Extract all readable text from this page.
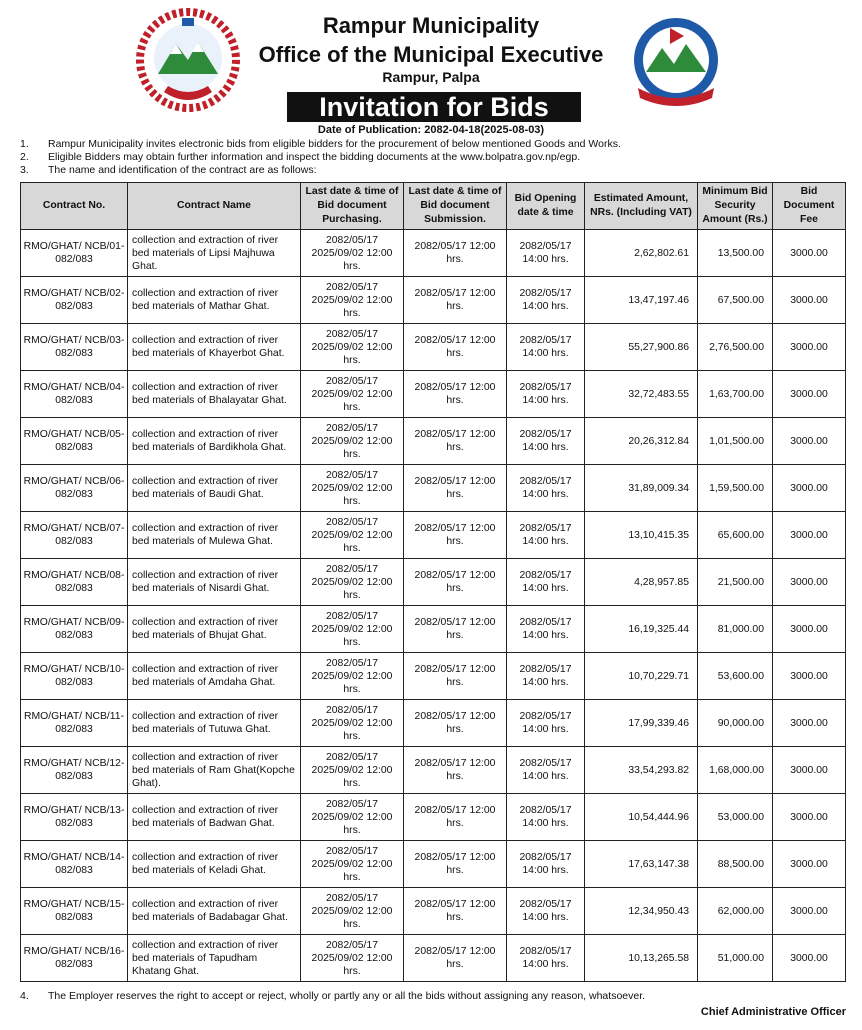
Rampur Municipality
Office of the Municipal Executive
Rampur, Palpa
Invitation for Bids
Date of Publication: 2082-04-18(2025-08-03)
1.	Rampur Municipality invites electronic bids from eligible bidders for the procurement of below mentioned Goods and Works.
2.	Eligible Bidders may obtain further information and inspect the bidding documents at the www.bolpatra.gov.np/egp.
3.	The name and identification of the contract are as follows:
Contract No.	Contract Name	Last date & time of Bid document Purchasing.	Last date & time of Bid document Submission.	Bid Opening date & time	Estimated Amount, NRs. (Including VAT)	Minimum Bid Security Amount (Rs.)	Bid Document Fee
RMO/GHAT/ NCB/01-082/083	collection and extraction of river bed materials of Lipsi Majhuwa Ghat.	2082/05/17 2025/09/02 12:00 hrs.	2082/05/17 12:00 hrs.	2082/05/17 14:00 hrs.	2,62,802.61	13,500.00	3000.00
RMO/GHAT/ NCB/02-082/083	collection and extraction of river bed materials of Mathar Ghat.	2082/05/17 2025/09/02 12:00 hrs.	2082/05/17 12:00 hrs.	2082/05/17 14:00 hrs.	13,47,197.46	67,500.00	3000.00
RMO/GHAT/ NCB/03-082/083	collection and extraction of river bed materials of Khayerbot Ghat.	2082/05/17 2025/09/02 12:00 hrs.	2082/05/17 12:00 hrs.	2082/05/17 14:00 hrs.	55,27,900.86	2,76,500.00	3000.00
RMO/GHAT/ NCB/04-082/083	collection and extraction of river bed materials of Bhalayatar Ghat.	2082/05/17 2025/09/02 12:00 hrs.	2082/05/17 12:00 hrs.	2082/05/17 14:00 hrs.	32,72,483.55	1,63,700.00	3000.00
RMO/GHAT/ NCB/05-082/083	collection and extraction of river bed materials of Bardikhola Ghat.	2082/05/17 2025/09/02 12:00 hrs.	2082/05/17 12:00 hrs.	2082/05/17 14:00 hrs.	20,26,312.84	1,01,500.00	3000.00
RMO/GHAT/ NCB/06-082/083	collection and extraction of river bed materials of Baudi Ghat.	2082/05/17 2025/09/02 12:00 hrs.	2082/05/17 12:00 hrs.	2082/05/17 14:00 hrs.	31,89,009.34	1,59,500.00	3000.00
RMO/GHAT/ NCB/07-082/083	collection and extraction of river bed materials of Mulewa Ghat.	2082/05/17 2025/09/02 12:00 hrs.	2082/05/17 12:00 hrs.	2082/05/17 14:00 hrs.	13,10,415.35	65,600.00	3000.00
RMO/GHAT/ NCB/08-082/083	collection and extraction of river bed materials of Nisardi Ghat.	2082/05/17 2025/09/02 12:00 hrs.	2082/05/17 12:00 hrs.	2082/05/17 14:00 hrs.	4,28,957.85	21,500.00	3000.00
RMO/GHAT/ NCB/09-082/083	collection and extraction of river bed materials of Bhujat Ghat.	2082/05/17 2025/09/02 12:00 hrs.	2082/05/17 12:00 hrs.	2082/05/17 14:00 hrs.	16,19,325.44	81,000.00	3000.00
RMO/GHAT/ NCB/10-082/083	collection and extraction of river bed materials of Amdaha Ghat.	2082/05/17 2025/09/02 12:00 hrs.	2082/05/17 12:00 hrs.	2082/05/17 14:00 hrs.	10,70,229.71	53,600.00	3000.00
RMO/GHAT/ NCB/11-082/083	collection and extraction of river bed materials of Tutuwa Ghat.	2082/05/17 2025/09/02 12:00 hrs.	2082/05/17 12:00 hrs.	2082/05/17 14:00 hrs.	17,99,339.46	90,000.00	3000.00
RMO/GHAT/ NCB/12-082/083	collection and extraction of river bed materials of Ram Ghat(Kopche Ghat).	2082/05/17 2025/09/02 12:00 hrs.	2082/05/17 12:00 hrs.	2082/05/17 14:00 hrs.	33,54,293.82	1,68,000.00	3000.00
RMO/GHAT/ NCB/13-082/083	collection and extraction of river bed materials of Badwan Ghat.	2082/05/17 2025/09/02 12:00 hrs.	2082/05/17 12:00 hrs.	2082/05/17 14:00 hrs.	10,54,444.96	53,000.00	3000.00
RMO/GHAT/ NCB/14-082/083	collection and extraction of river bed materials of Keladi Ghat.	2082/05/17 2025/09/02 12:00 hrs.	2082/05/17 12:00 hrs.	2082/05/17 14:00 hrs.	17,63,147.38	88,500.00	3000.00
RMO/GHAT/ NCB/15-082/083	collection and extraction of river bed materials of Badabagar Ghat.	2082/05/17 2025/09/02 12:00 hrs.	2082/05/17 12:00 hrs.	2082/05/17 14:00 hrs.	12,34,950.43	62,000.00	3000.00
RMO/GHAT/ NCB/16-082/083	collection and extraction of river bed materials of Tapudham Khatang Ghat.	2082/05/17 2025/09/02 12:00 hrs.	2082/05/17 12:00 hrs.	2082/05/17 14:00 hrs.	10,13,265.58	51,000.00	3000.00
4.	The Employer reserves the right to accept or reject, wholly or partly any or all the bids without assigning any reason, whatsoever.
Chief Administrative Officer
